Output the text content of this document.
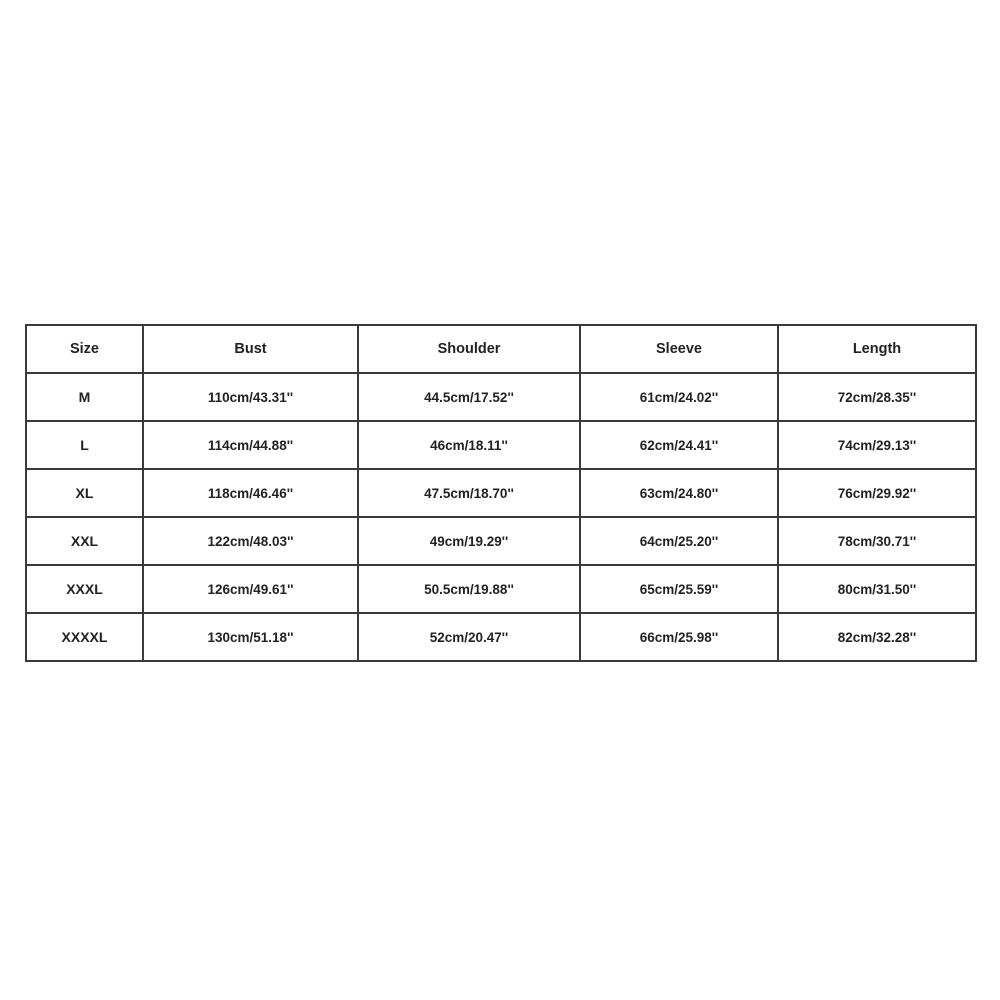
Size	Bust	Shoulder	Sleeve	Length
M	110cm/43.31''	44.5cm/17.52''	61cm/24.02''	72cm/28.35''
L	114cm/44.88''	46cm/18.11''	62cm/24.41''	74cm/29.13''
XL	118cm/46.46''	47.5cm/18.70''	63cm/24.80''	76cm/29.92''
XXL	122cm/48.03''	49cm/19.29''	64cm/25.20''	78cm/30.71''
XXXL	126cm/49.61''	50.5cm/19.88''	65cm/25.59''	80cm/31.50''
XXXXL	130cm/51.18''	52cm/20.47''	66cm/25.98''	82cm/32.28''
